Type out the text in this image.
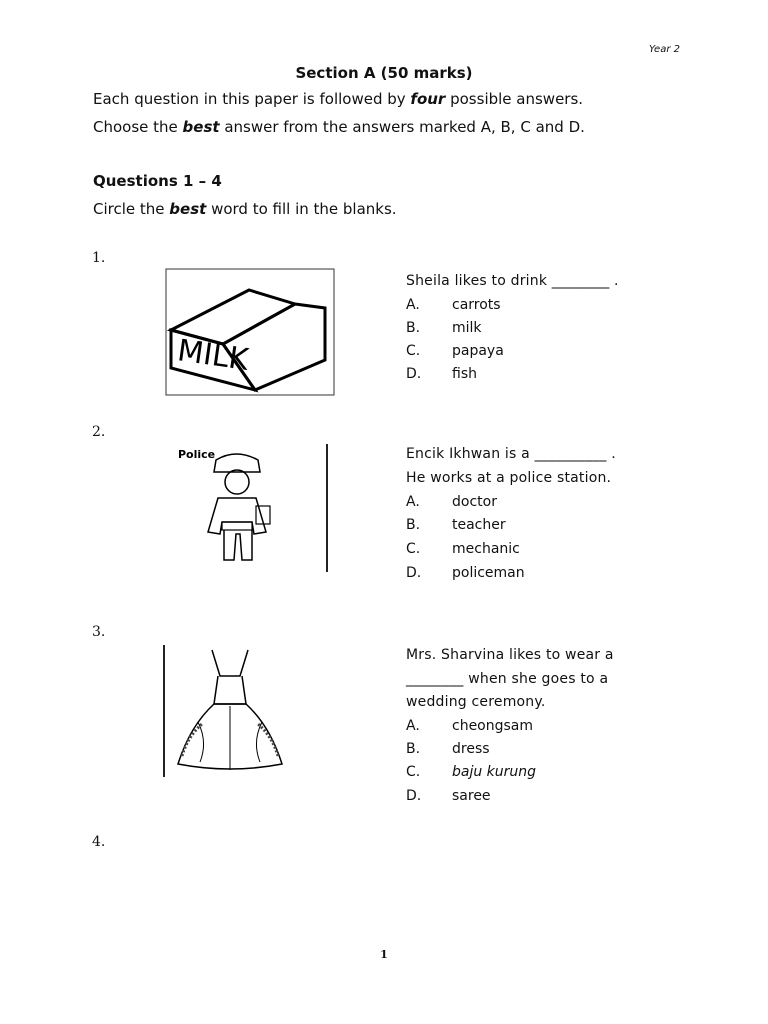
Year 2
Section A (50 marks)
Each question in this paper is followed by four possible answers.
Choose the best answer from the answers marked A, B, C and D.
Questions 1 – 4
Circle the best word to fill in the blanks.
1.
MILK
Sheila likes to drink ________ .
A. carrots
B. milk
C. papaya
D. fish
2.
Police	Encik Ikhwan is a __________ .
He works at a police station.
A. doctor
B. teacher
C. mechanic
D. policeman
3.
Mrs. Sharvina likes to wear a
________ when she goes to a
wedding ceremony.
A. cheongsam
B. dress
C. baju kurung
D. saree
4.
1
